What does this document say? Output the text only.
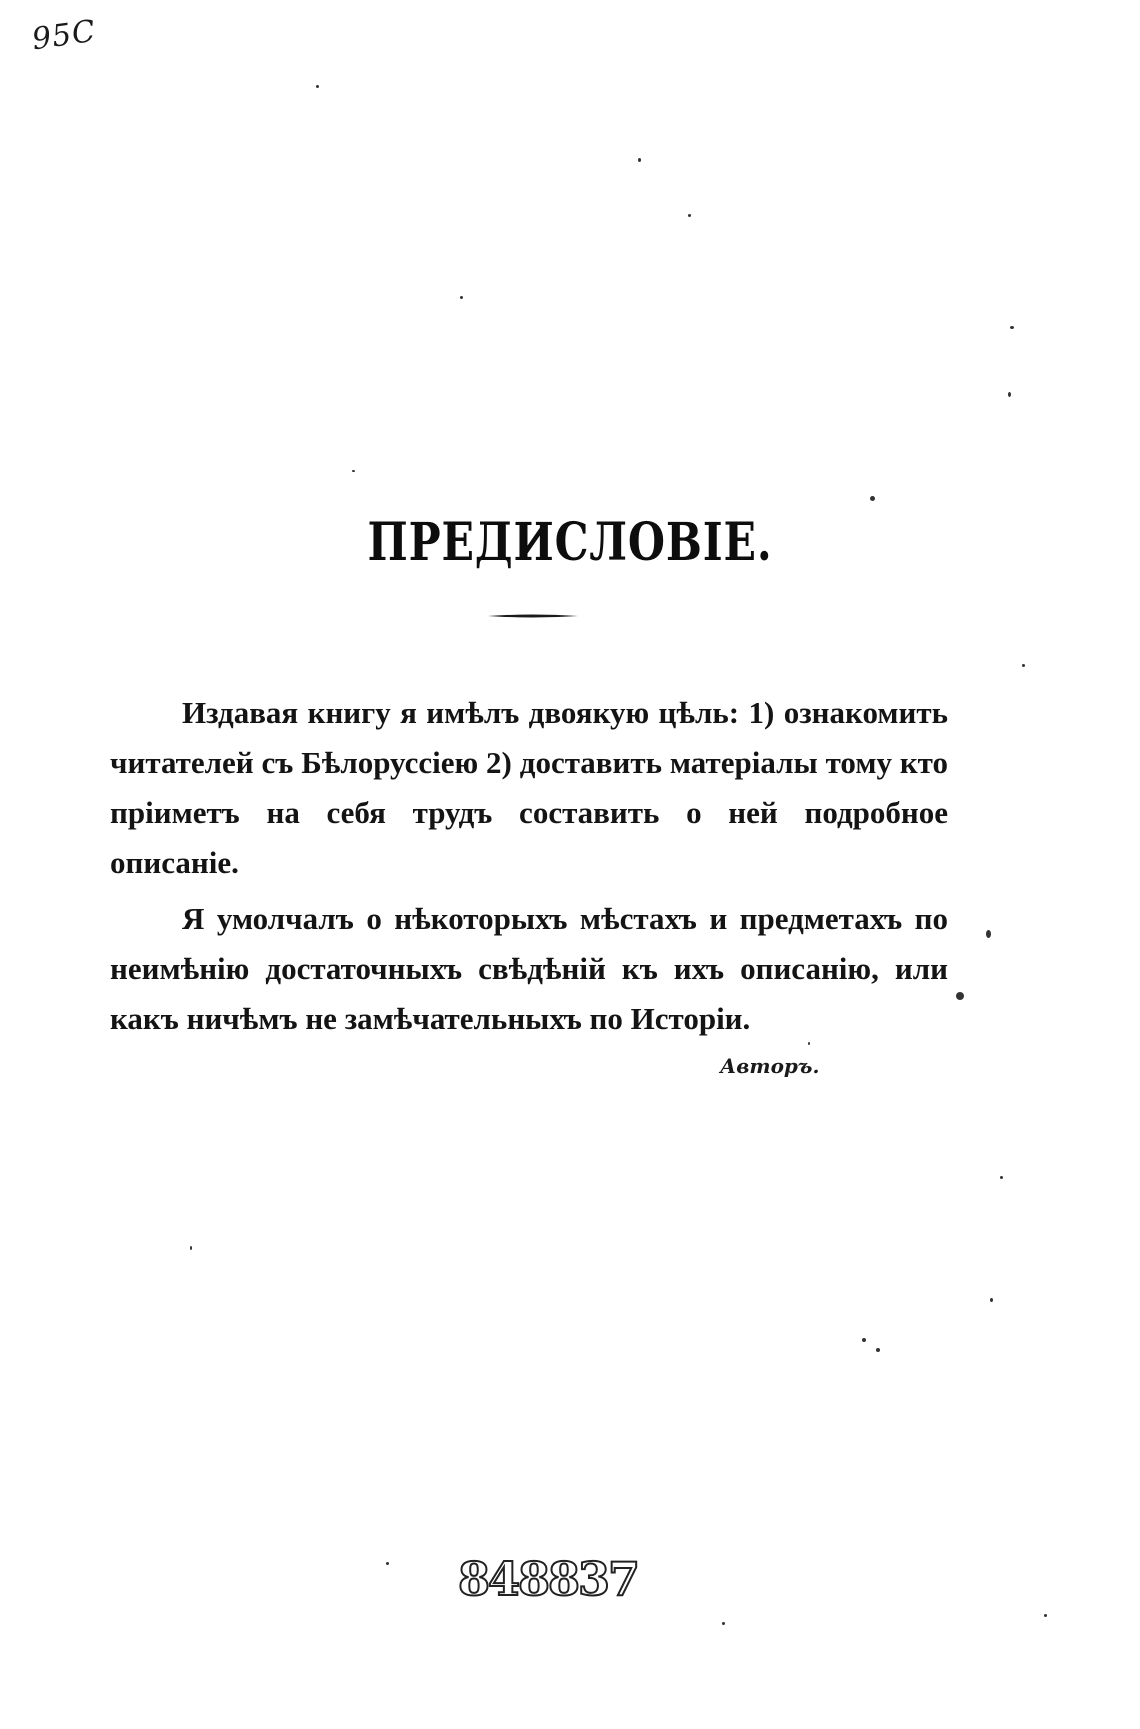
95С
ПРЕДИСЛОВІЕ.

Издавая книгу я имѣлъ двоякую цѣль: 1) ознакомить читателей съ Бѣлоруссіею 2) доставить матеріалы тому кто пріиметъ на себя трудъ составить о ней подробное описаніе.

Я умолчалъ о нѣкоторыхъ мѣстахъ и предметахъ по неимѣнію достаточныхъ свѣдѣній къ ихъ описанію, или какъ ничѣмъ не замѣчательныхъ по Исторіи.

Авторъ.
848837
